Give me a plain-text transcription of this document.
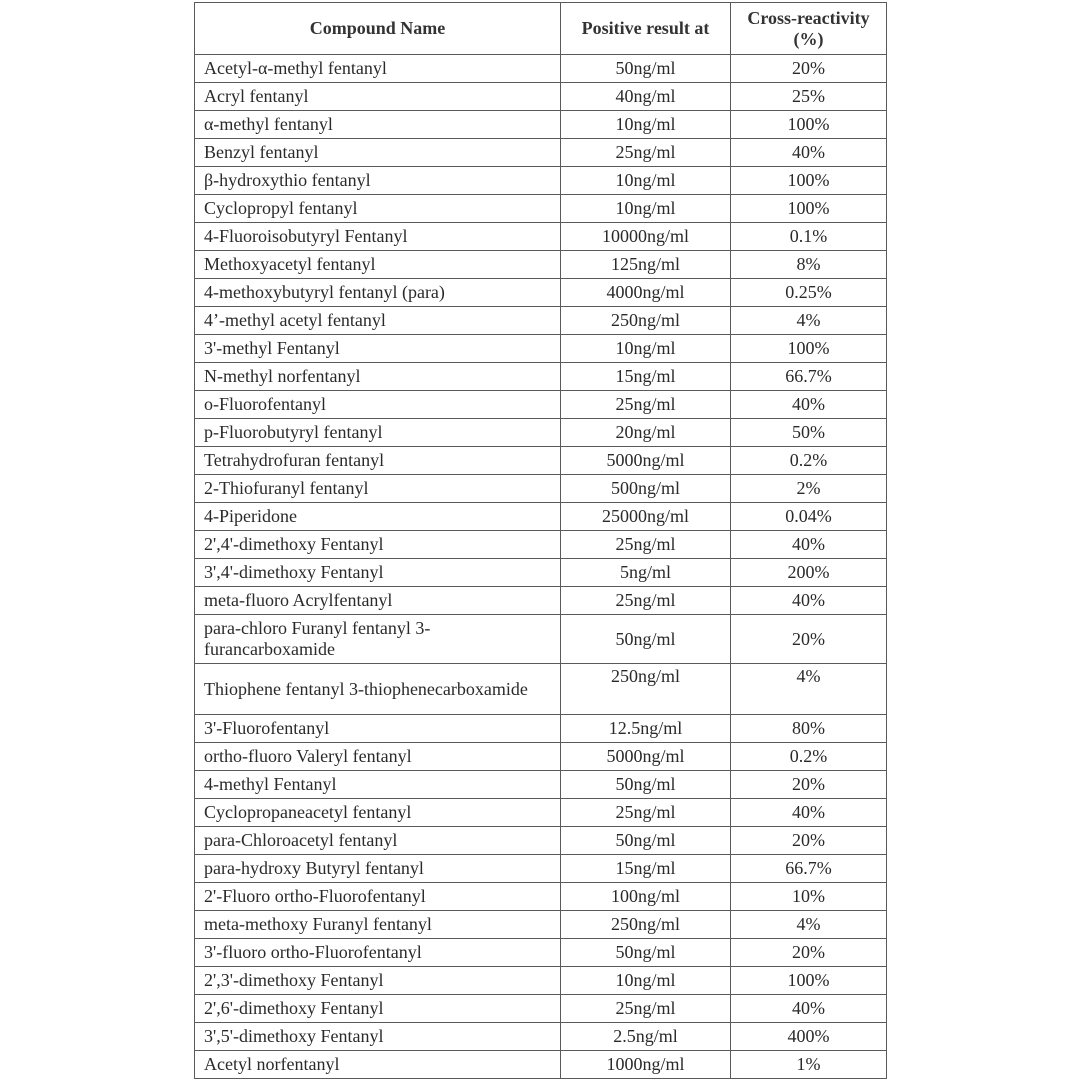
Compound Name	Positive result at	Cross-reactivity (%)
Acetyl-α-methyl fentanyl	50ng/ml	20%
Acryl fentanyl	40ng/ml	25%
α-methyl fentanyl	10ng/ml	100%
Benzyl fentanyl	25ng/ml	40%
β-hydroxythio fentanyl	10ng/ml	100%
Cyclopropyl fentanyl	10ng/ml	100%
4-Fluoroisobutyryl Fentanyl	10000ng/ml	0.1%
Methoxyacetyl fentanyl	125ng/ml	8%
4-methoxybutyryl fentanyl (para)	4000ng/ml	0.25%
4’-methyl acetyl fentanyl	250ng/ml	4%
3'-methyl Fentanyl	10ng/ml	100%
N-methyl norfentanyl	15ng/ml	66.7%
o-Fluorofentanyl	25ng/ml	40%
p-Fluorobutyryl fentanyl	20ng/ml	50%
Tetrahydrofuran fentanyl	5000ng/ml	0.2%
2-Thiofuranyl fentanyl	500ng/ml	2%
4-Piperidone	25000ng/ml	0.04%
2',4'-dimethoxy Fentanyl	25ng/ml	40%
3',4'-dimethoxy Fentanyl	5ng/ml	200%
meta-fluoro Acrylfentanyl	25ng/ml	40%
para-chloro Furanyl fentanyl 3-furancarboxamide	50ng/ml	20%
Thiophene fentanyl 3-thiophenecarboxamide	250ng/ml	4%
3'-Fluorofentanyl	12.5ng/ml	80%
ortho-fluoro Valeryl fentanyl	5000ng/ml	0.2%
4-methyl Fentanyl	50ng/ml	20%
Cyclopropaneacetyl fentanyl	25ng/ml	40%
para-Chloroacetyl fentanyl	50ng/ml	20%
para-hydroxy Butyryl fentanyl	15ng/ml	66.7%
2'-Fluoro ortho-Fluorofentanyl	100ng/ml	10%
meta-methoxy Furanyl fentanyl	250ng/ml	4%
3'-fluoro ortho-Fluorofentanyl	50ng/ml	20%
2',3'-dimethoxy Fentanyl	10ng/ml	100%
2',6'-dimethoxy Fentanyl	25ng/ml	40%
3',5'-dimethoxy Fentanyl	2.5ng/ml	400%
Acetyl norfentanyl	1000ng/ml	1%
